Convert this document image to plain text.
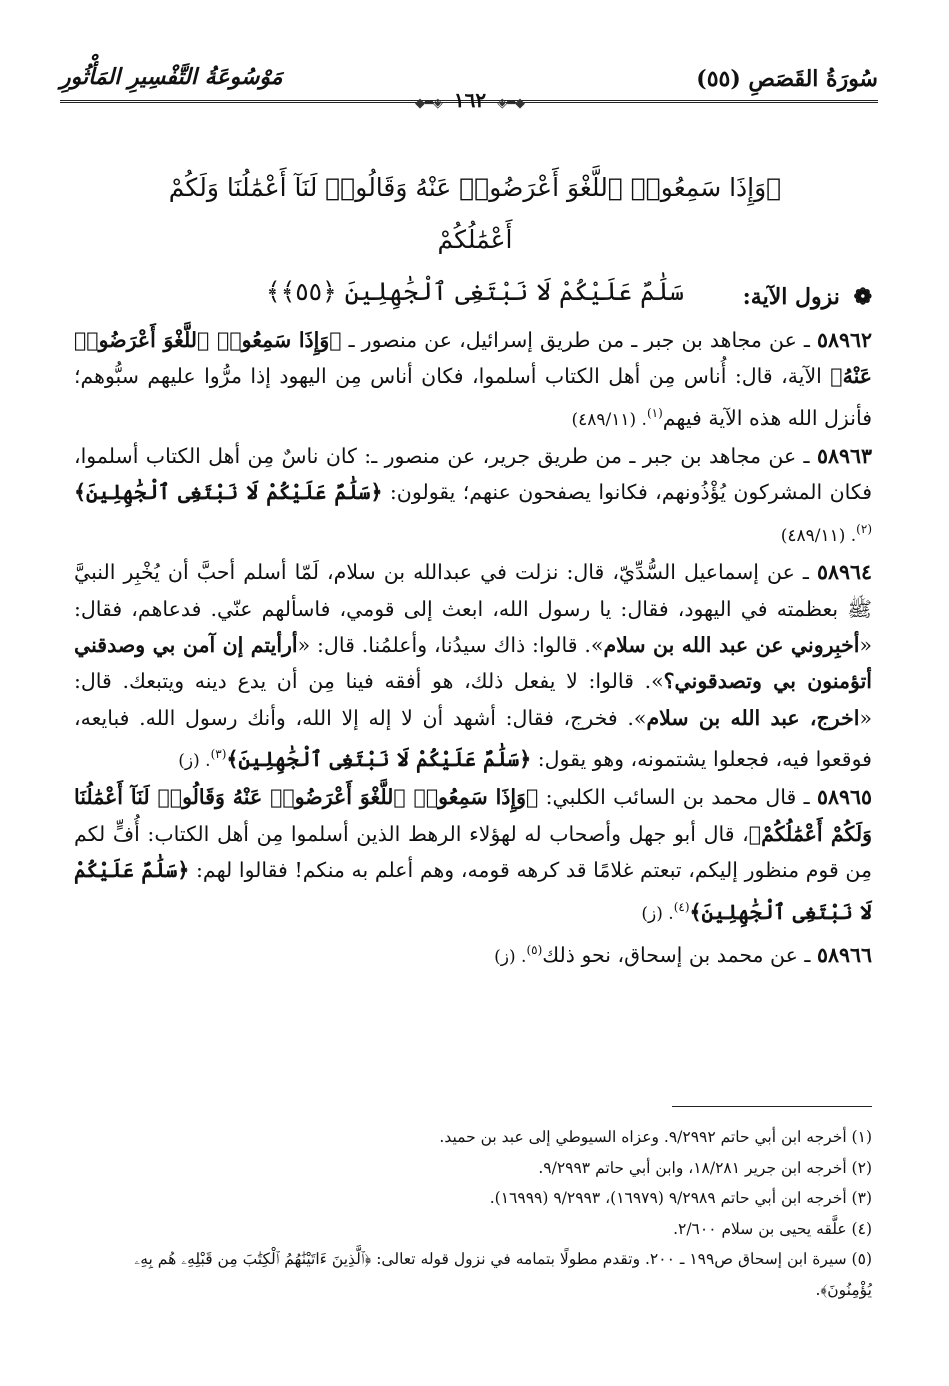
سُورَةُ القَصَصِ (٥٥)
مَوْسُوعَةُ التَّفْسِيرِ المَأْثُورِ
◆═◈ ١٦٢ ◈═◆
﴿وَإِذَا سَمِعُوا۟ ٱللَّغْوَ أَعْرَضُوا۟ عَنْهُ وَقَالُوا۟ لَنَآ أَعْمَٰلُنَا وَلَكُمْ أَعْمَٰلُكُمْ
سَلَٰمٌ عَلَيْكُمْ لَا نَبْتَغِى ٱلْجَٰهِلِينَ ﴿٥٥﴾﴾	❁ نزول الآية:

٥٨٩٦٢ ـ عن مجاهد بن جبر ـ من طريق إسرائيل، عن منصور ـ ﴿وَإِذَا سَمِعُوا۟ ٱللَّغْوَ أَعْرَضُوا۟ عَنْهُ﴾ الآية، قال: أُناس مِن أهل الكتاب أسلموا، فكان أناس مِن اليهود إذا مرُّوا عليهم سبُّوهم؛ فأنزل الله هذه الآية فيهم$^{(١)}$. (٤٨٩/١١)

٥٨٩٦٣ ـ عن مجاهد بن جبر ـ من طريق جرير، عن منصور ـ: كان ناسٌ مِن أهل الكتاب أسلموا، فكان المشركون يُؤْذُونهم، فكانوا يصفحون عنهم؛ يقولون: ﴿سَلَٰمٌ عَلَيْكُمْ لَا نَبْتَغِى ٱلْجَٰهِلِينَ﴾$^{(٢)}$. (٤٨٩/١١)

٥٨٩٦٤ ـ عن إسماعيل السُّدِّيّ، قال: نزلت في عبدالله بن سلام، لَمّا أسلم أحبَّ أن يُخْبِر النبيَّ ﷺ بعظمته في اليهود، فقال: يا رسول الله، ابعث إلى قومي، فاسألهم عنّي. فدعاهم، فقال: «أخبِروني عن عبد الله بن سلام». قالوا: ذاك سيدُنا، وأعلمُنا. قال: «أرأيتم إن آمن بي وصدقني أتؤمنون بي وتصدقوني؟». قالوا: لا يفعل ذلك، هو أفقه فينا مِن أن يدع دينه ويتبعك. قال: «اخرج، عبد الله بن سلام». فخرج، فقال: أشهد أن لا إله إلا الله، وأنك رسول الله. فبايعه، فوقعوا فيه، فجعلوا يشتمونه، وهو يقول: ﴿سَلَٰمٌ عَلَيْكُمْ لَا نَبْتَغِى ٱلْجَٰهِلِينَ﴾$^{(٣)}$. (ز)

٥٨٩٦٥ ـ قال محمد بن السائب الكلبي: ﴿وَإِذَا سَمِعُوا۟ ٱللَّغْوَ أَعْرَضُوا۟ عَنْهُ وَقَالُوا۟ لَنَآ أَعْمَٰلُنَا وَلَكُمْ أَعْمَٰلُكُمْ﴾، قال أبو جهل وأصحاب له لهؤلاء الرهط الذين أسلموا مِن أهل الكتاب: أُفٍّ لكم مِن قوم منظور إليكم، تبعتم غلامًا قد كرهه قومه، وهم أعلم به منكم! فقالوا لهم: ﴿سَلَٰمٌ عَلَيْكُمْ لَا نَبْتَغِى ٱلْجَٰهِلِينَ﴾$^{(٤)}$. (ز)

٥٨٩٦٦ ـ عن محمد بن إسحاق، نحو ذلك$^{(٥)}$. (ز)

(١) أخرجه ابن أبي حاتم ٩/٢٩٩٢. وعزاه السيوطي إلى عبد بن حميد.

(٢) أخرجه ابن جرير ١٨/٢٨١، وابن أبي حاتم ٩/٢٩٩٣.

(٣) أخرجه ابن أبي حاتم ٩/٢٩٨٩ (١٦٩٧٩)، ٩/٢٩٩٣ (١٦٩٩٩).

(٤) علَّقه يحيى بن سلام ٢/٦٠٠.

(٥) سيرة ابن إسحاق ص١٩٩ ـ ٢٠٠. وتقدم مطولًا بتمامه في نزول قوله تعالى: ﴿ٱلَّذِينَ ءَاتَيْنَٰهُمُ ٱلْكِتَٰبَ مِن قَبْلِهِۦ هُم بِهِۦ يُؤْمِنُونَ﴾.
